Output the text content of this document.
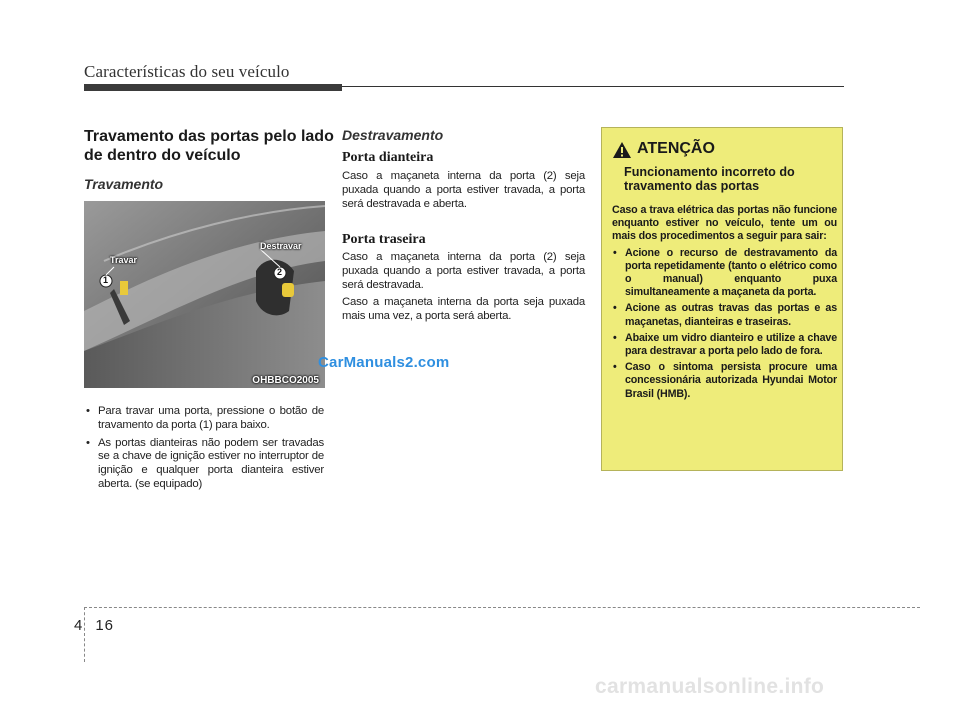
Características do seu veículo
Travamento das portas pelo lado de dentro do veículo
Travamento
Travar
1
Destravar
2
OHBBCO2005
• Para travar uma porta, pressione o botão de travamento da porta (1) para baixo.
• As portas dianteiras não podem ser travadas se a chave de ignição estiver no interruptor de ignição e qualquer porta dianteira estiver aberta. (se equipado)
Destravamento
Porta dianteira
Caso a maçaneta interna da porta (2) seja puxada quando a porta estiver travada, a porta será destravada e aberta.
Porta traseira
Caso a maçaneta interna da porta (2) seja puxada quando a porta estiver travada, a porta será destravada.
Caso a maçaneta interna da porta seja puxada mais uma vez, a porta será aberta.
ATENÇÃO
Funcionamento incorreto do travamento das portas
Caso a trava elétrica das portas não funcione enquanto estiver no veículo, tente um ou mais dos procedimentos a seguir para sair:
• Acione o recurso de destravamento da porta repetidamente (tanto o elétrico como o manual) enquanto puxa simultaneamente a maçaneta da porta.
• Acione as outras travas das portas e as maçanetas, dianteiras e traseiras.
• Abaixe um vidro dianteiro e utilize a chave para destravar a porta pelo lado de fora.
• Caso o sintoma persista procure uma concessionária autorizada Hyundai Motor Brasil (HMB).
CarManuals2.com
4 16
carmanualsonline.info
